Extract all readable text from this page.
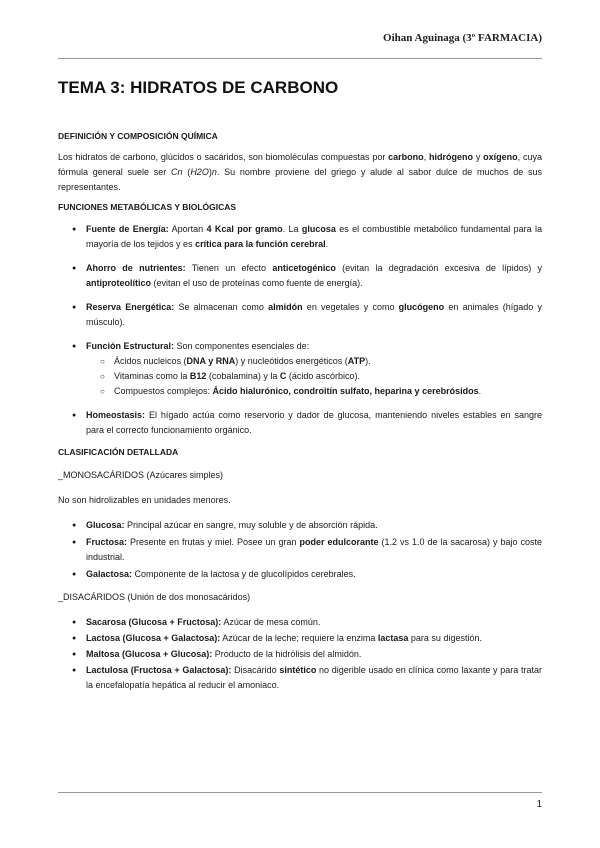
Oihan Aguinaga (3º FARMACIA)
TEMA 3: HIDRATOS DE CARBONO

DEFINICIÓN Y COMPOSICIÓN QUÍMICA

Los hidratos de carbono, glúcidos o sacáridos, son biomoléculas compuestas por carbono, hidrógeno y oxígeno, cuya fórmula general suele ser Cn (H2O)n. Su nombre proviene del griego y alude al sabor dulce de muchos de sus representantes.

FUNCIONES METABÓLICAS Y BIOLÓGICAS

● Fuente de Energía: Aportan 4 Kcal por gramo. La glucosa es el combustible metabólico fundamental para la mayoría de los tejidos y es crítica para la función cerebral.
● Ahorro de nutrientes: Tienen un efecto anticetogénico (evitan la degradación excesiva de lípidos) y antiproteolítico (evitan el uso de proteínas como fuente de energía).
● Reserva Energética: Se almacenan como almidón en vegetales y como glucógeno en animales (hígado y músculo).
● Función Estructural: Son componentes esenciales de:
○ Ácidos nucleicos (DNA y RNA) y nucleótidos energéticos (ATP).
○ Vitaminas como la B12 (cobalamina) y la C (ácido ascórbico).
○ Compuestos complejos: Ácido hialurónico, condroitín sulfato, heparina y cerebrósidos.
● Homeostasis: El hígado actúa como reservorio y dador de glucosa, manteniendo niveles estables en sangre para el correcto funcionamiento orgánico.

CLASIFICACIÓN DETALLADA

_MONOSACÁRIDOS (Azúcares simples)

No son hidrolizables en unidades menores.

● Glucosa: Principal azúcar en sangre, muy soluble y de absorción rápida.
● Fructosa: Presente en frutas y miel. Posee un gran poder edulcorante (1.2 vs 1.0 de la sacarosa) y bajo coste industrial.
● Galactosa: Componente de la lactosa y de glucolípidos cerebrales.

_DISACÁRIDOS (Unión de dos monosacáridos)

● Sacarosa (Glucosa + Fructosa): Azúcar de mesa común.
● Lactosa (Glucosa + Galactosa): Azúcar de la leche; requiere la enzima lactasa para su digestión.
● Maltosa (Glucosa + Glucosa): Producto de la hidrólisis del almidón.
● Lactulosa (Fructosa + Galactosa): Disacárido sintético no digerible usado en clínica como laxante y para tratar la encefalopatía hepática al reducir el amoniaco.
1
